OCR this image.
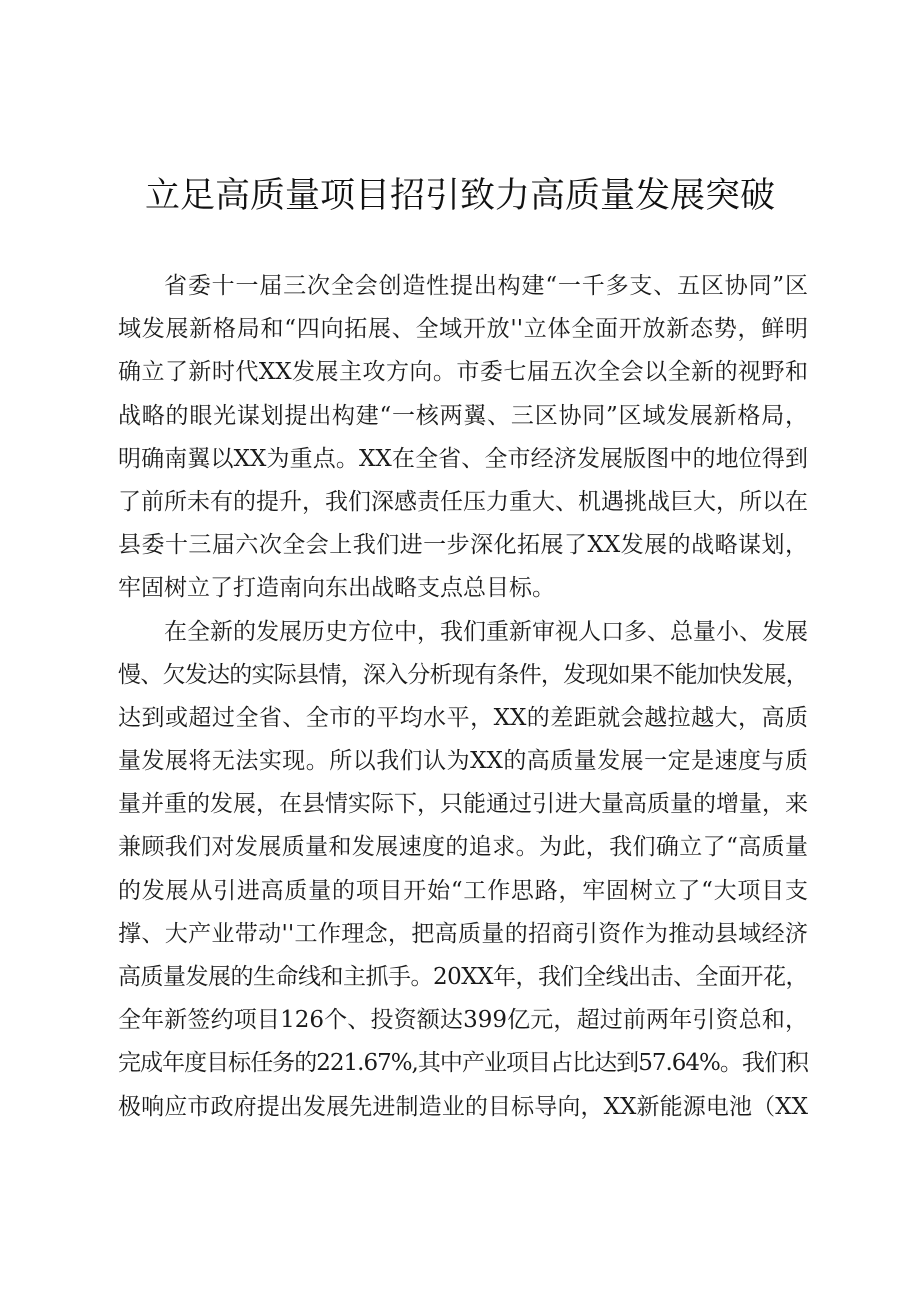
立足高质量项目招引致力高质量发展突破
省委十一届三次全会创造性提出构建“一千多支、五区协同”区
域发展新格局和“四向拓展、全域开放''立体全面开放新态势，鲜明
确立了新时代XX发展主攻方向。市委七届五次全会以全新的视野和
战略的眼光谋划提出构建“一核两翼、三区协同”区域发展新格局，
明确南翼以XX为重点。XX在全省、全市经济发展版图中的地位得到
了前所未有的提升，我们深感责任压力重大、机遇挑战巨大，所以在
县委十三届六次全会上我们进一步深化拓展了XX发展的战略谋划，
牢固树立了打造南向东出战略支点总目标。
在全新的发展历史方位中，我们重新审视人口多、总量小、发展
慢、欠发达的实际县情，深入分析现有条件，发现如果不能加快发展，
达到或超过全省、全市的平均水平，XX的差距就会越拉越大，高质
量发展将无法实现。所以我们认为XX的高质量发展一定是速度与质
量并重的发展，在县情实际下，只能通过引进大量高质量的增量，来
兼顾我们对发展质量和发展速度的追求。为此，我们确立了“高质量
的发展从引进高质量的项目开始“工作思路，牢固树立了“大项目支
撑、大产业带动''工作理念，把高质量的招商引资作为推动县域经济
高质量发展的生命线和主抓手。20XX年，我们全线出击、全面开花，
全年新签约项目126个、投资额达399亿元，超过前两年引资总和，
完成年度目标任务的221.67%,其中产业项目占比达到57.64%。我们积
极响应市政府提出发展先进制造业的目标导向，XX新能源电池（XX
